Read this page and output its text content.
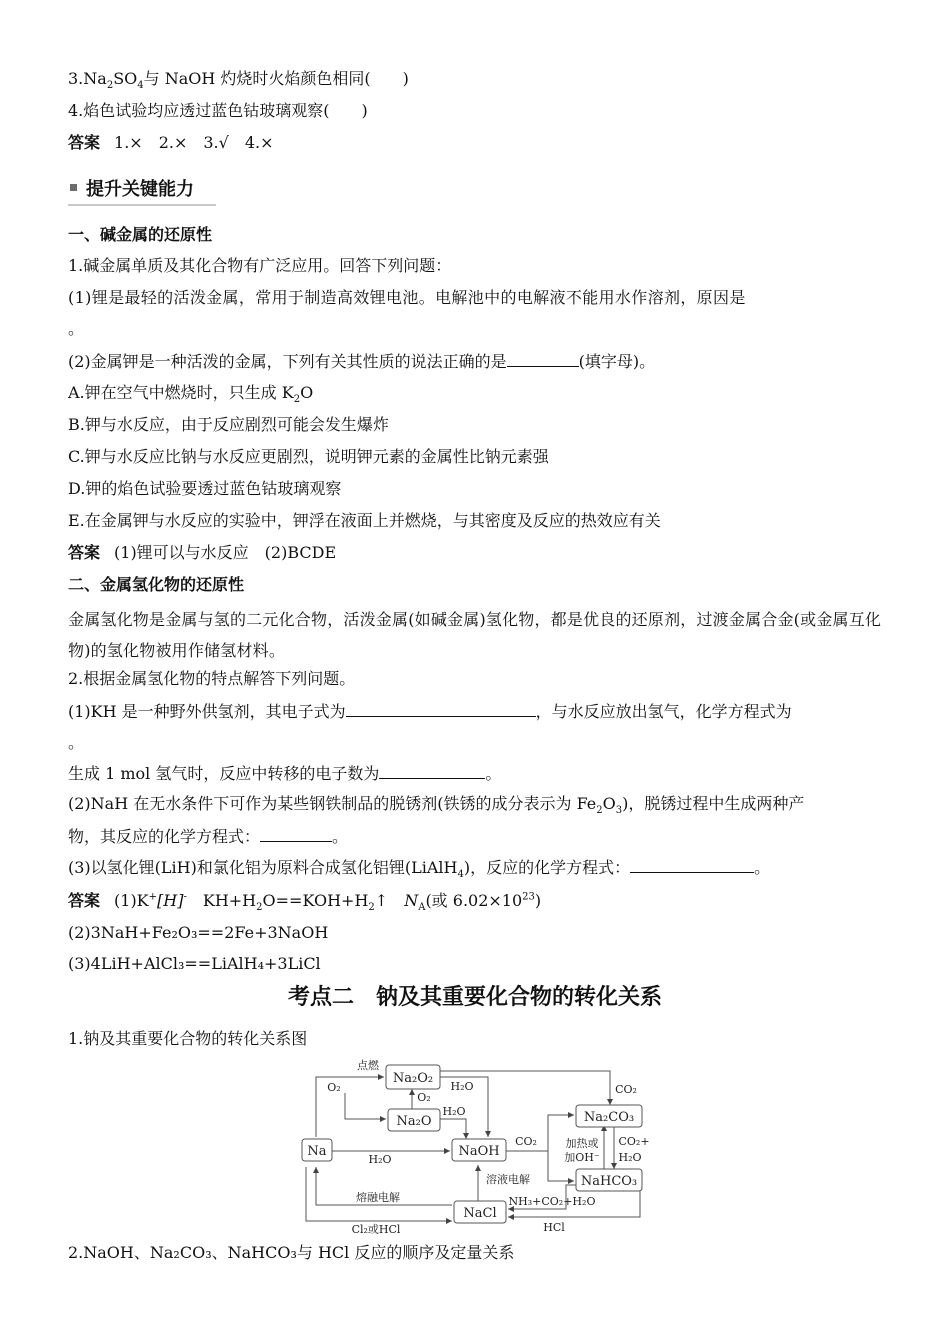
$3.Na_2SO_4$与 NaOH 灼烧时火焰颜色相同(　　)

4.焰色试验均应透过蓝色钴玻璃观察(　　)

答案 1.×　2.×　3.√　4.×

提升关键能力

一、碱金属的还原性

1.碱金属单质及其化合物有广泛应用。回答下列问题：

(1)锂是最轻的活泼金属，常用于制造高效锂电池。电解池中的电解液不能用水作溶剂，原因是

。

(2)金属钾是一种活泼的金属，下列有关其性质的说法正确的是	(填字母)。

A.钾在空气中燃烧时，只生成 $K_2O$

B.钾与水反应，由于反应剧烈可能会发生爆炸

C.钾与水反应比钠与水反应更剧烈，说明钾元素的金属性比钠元素强

D.钾的焰色试验要透过蓝色钴玻璃观察

E.在金属钾与水反应的实验中，钾浮在液面上并燃烧，与其密度及反应的热效应有关

答案 (1)锂可以与水反应　(2)BCDE

二、金属氢化物的还原性

金属氢化物是金属与氢的二元化合物，活泼金属(如碱金属)氢化物，都是优良的还原剂，过渡金属合金(或金属互化物)的氢化物被用作储氢材料。

2.根据金属氢化物的特点解答下列问题。

(1)KH 是一种野外供氢剂，其电子式为	，与水反应放出氢气，化学方程式为

。

生成 1 mol 氢气时，反应中转移的电子数为	。

(2)NaH 在无水条件下可作为某些钢铁制品的脱锈剂(铁锈的成分表示为 $Fe_2O_3$)，脱锈过程中生成两种产

物，其反应的化学方程式：	。

(3)以氢化锂(LiH)和氯化铝为原料合成氢化铝锂(LiAlH$_4$)，反应的化学方程式：	。

答案 (1)K+[H]-　$KH+H_2O==KOH+H_2↑$　$N_A$(或 $6.02\times 10^{23}$)

(2)3NaH+Fe₂O₃==2Fe+3NaOH

(3)4LiH+AlCl₃==LiAlH₄+3LiCl

考点二　钠及其重要化合物的转化关系

1.钠及其重要化合物的转化关系图

2.NaOH、Na₂CO₃、NaHCO₃与 HCl 反应的顺序及定量关系

Na
Na₂O₂
Na₂O
NaOH
Na₂CO₃
NaHCO₃
NaCl
点燃
O₂
O₂
H₂O
H₂O
CO₂
H₂O
CO₂	加热或
加OH⁻
CO₂+
H₂O
熔融电解
Cl₂或HCl
溶液电解
NH₃+CO₂+H₂O
HCl
